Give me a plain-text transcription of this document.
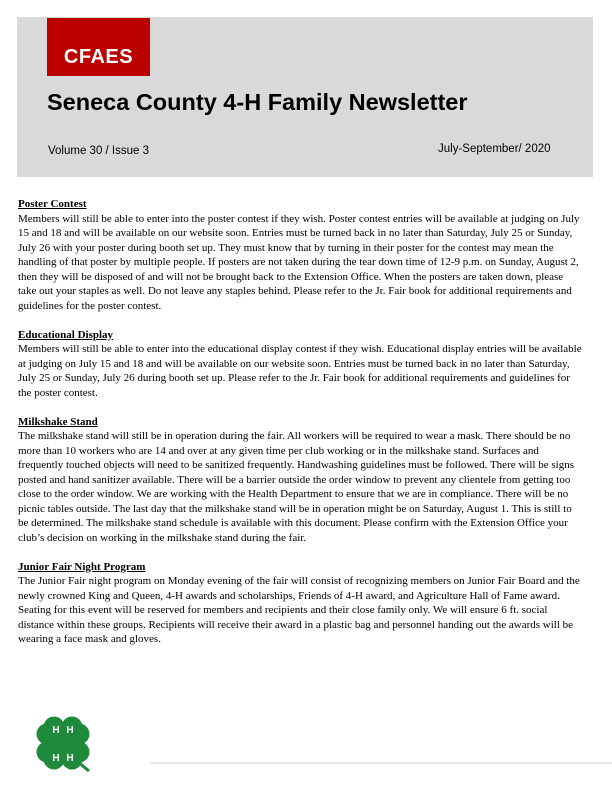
CFAES
Seneca County 4-H Family Newsletter
Volume 30 / Issue 3	July-September/ 2020

Poster Contest

Members will still be able to enter into the poster contest if they wish. Poster contest entries will be available at judging on July 15 and 18 and will be available on our website soon. Entries must be turned back in no later than Saturday, July 25 or Sunday, July 26 with your poster during booth set up. They must know that by turning in their poster for the contest may mean the handling of that poster by multiple people. If posters are not taken during the tear down time of 12-9 p.m. on Sunday, August 2, then they will be disposed of and will not be brought back to the Extension Office. When the posters are taken down, please take out your staples as well. Do not leave any staples behind. Please refer to the Jr. Fair book for additional requirements and guidelines for the poster contest.

Educational Display

Members will still be able to enter into the educational display contest if they wish. Educational display entries will be available at judging on July 15 and 18 and will be available on our website soon. Entries must be turned back in no later than Saturday, July 25 or Sunday, July 26 during booth set up. Please refer to the Jr. Fair book for additional requirements and guidelines for the poster contest.

Milkshake Stand

The milkshake stand will still be in operation during the fair. All workers will be required to wear a mask. There should be no more than 10 workers who are 14 and over at any given time per club working or in the milkshake stand. Surfaces and frequently touched objects will need to be sanitized frequently. Handwashing guidelines must be followed. There will be signs posted and hand sanitizer available. There will be a barrier outside the order window to prevent any clientele from getting too close to the order window. We are working with the Health Department to ensure that we are in compliance. There will be no picnic tables outside. The last day that the milkshake stand will be in operation might be on Saturday, August 1. This is still to be determined. The milkshake stand schedule is available with this document. Please confirm with the Extension Office your club’s decision on working in the milkshake stand during the fair.

Junior Fair Night Program

The Junior Fair night program on Monday evening of the fair will consist of recognizing members on Junior Fair Board and the newly crowned King and Queen, 4-H awards and scholarships, Friends of 4-H award, and Agriculture Hall of Fame award. Seating for this event will be reserved for members and recipients and their close family only. We will ensure 6 ft. social distance within these groups. Recipients will receive their award in a plastic bag and personnel handing out the awards will be wearing a face mask and gloves.

H H
H H
